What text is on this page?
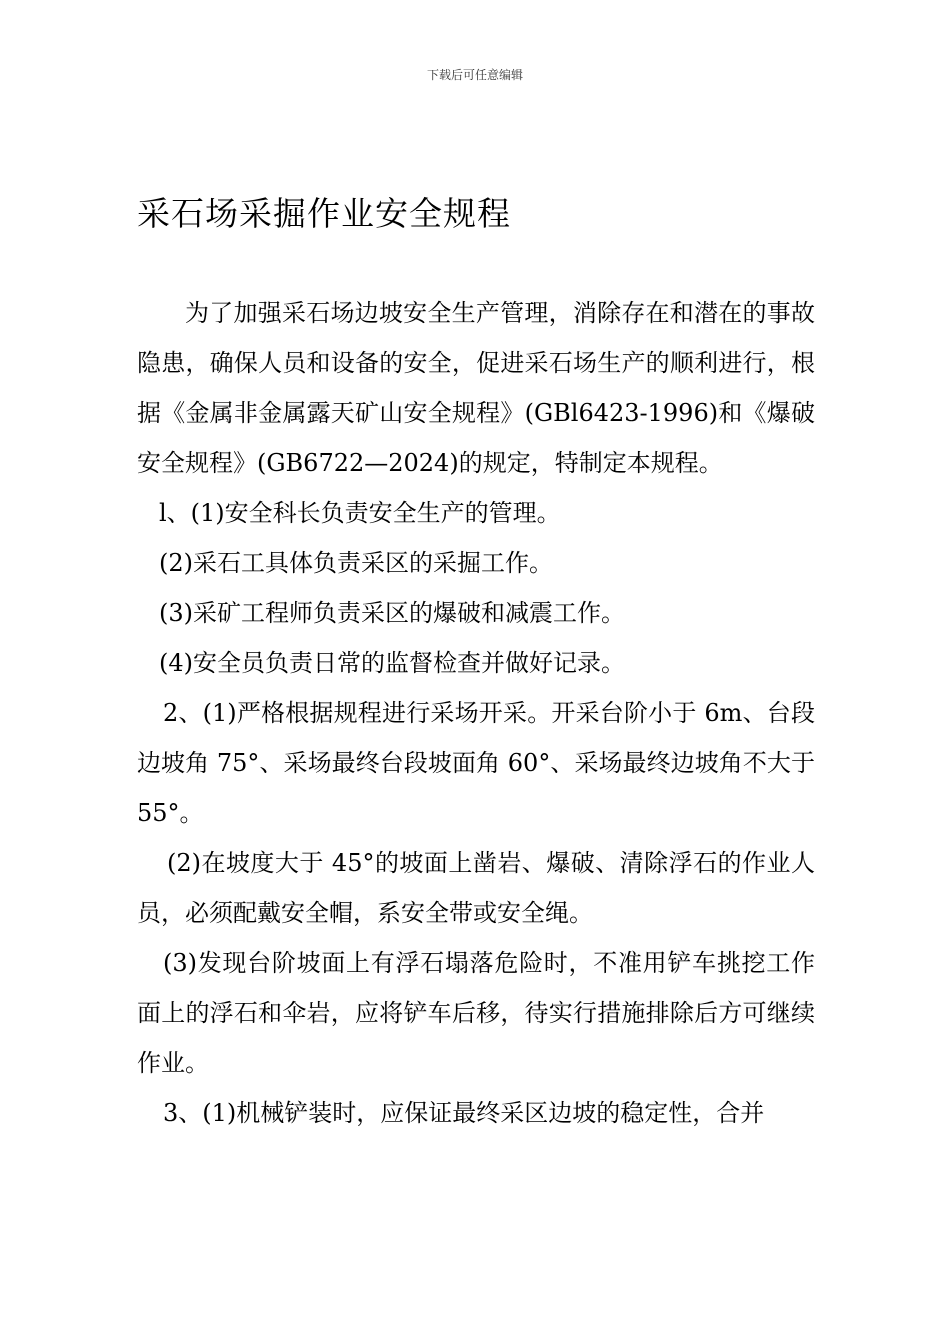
下载后可任意编辑
采石场采掘作业安全规程

为了加强采石场边坡安全生产管理，消除存在和潜在的事故隐患，确保人员和设备的安全，促进采石场生产的顺利进行，根据《金属非金属露天矿山安全规程》(GBl6423-1996)和《爆破安全规程》(GB6722—2024)的规定，特制定本规程。

l、(1)安全科长负责安全生产的管理。

(2)采石工具体负责采区的采掘工作。

(3)采矿工程师负责采区的爆破和减震工作。

(4)安全员负责日常的监督检查并做好记录。

2、(1)严格根据规程进行采场开采。开采台阶小于 6m、台段边坡角 75°、采场最终台段坡面角 60°、采场最终边坡角不大于 55°。

(2)在坡度大于 45°的坡面上凿岩、爆破、清除浮石的作业人员，必须配戴安全帽，系安全带或安全绳。

(3)发现台阶坡面上有浮石塌落危险时，不准用铲车挑挖工作面上的浮石和伞岩，应将铲车后移，待实行措施排除后方可继续作业。

3、(1)机械铲装时，应保证最终采区边坡的稳定性，合并
